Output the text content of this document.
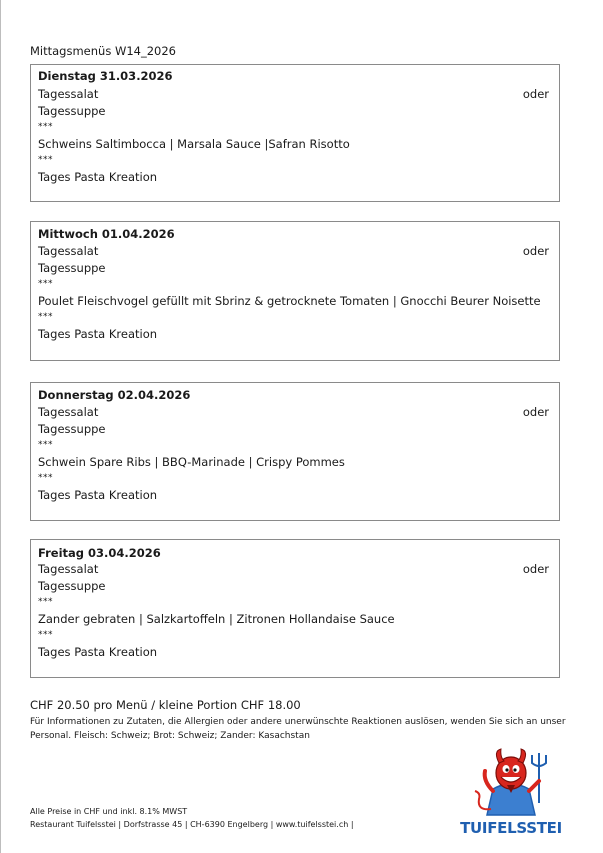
Mittagsmenüs W14_2026
Dienstag 31.03.2026
Tagessalat	oder
Tagessuppe
***
Schweins Saltimbocca | Marsala Sauce |Safran Risotto
***
Tages Pasta Kreation
Mittwoch 01.04.2026
Tagessalat	oder
Tagessuppe
***
Poulet Fleischvogel gefüllt mit Sbrinz & getrocknete Tomaten | Gnocchi Beurer Noisette
***
Tages Pasta Kreation
Donnerstag 02.04.2026
Tagessalat	oder
Tagessuppe
***
Schwein Spare Ribs | BBQ-Marinade | Crispy Pommes
***
Tages Pasta Kreation
Freitag 03.04.2026
Tagessalat	oder
Tagessuppe
***
Zander gebraten | Salzkartoffeln | Zitronen Hollandaise Sauce
***
Tages Pasta Kreation
CHF 20.50 pro Menü / kleine Portion CHF 18.00
Für Informationen zu Zutaten, die Allergien oder andere unerwünschte Reaktionen auslösen, wenden Sie sich an unser
Personal. Fleisch: Schweiz; Brot: Schweiz; Zander: Kasachstan
Alle Preise in CHF und inkl. 8.1% MWST
Restaurant Tuifelsstei | Dorfstrasse 45 | CH-6390 Engelberg | www.tuifelsstei.ch |	TUIFELSSTEI
